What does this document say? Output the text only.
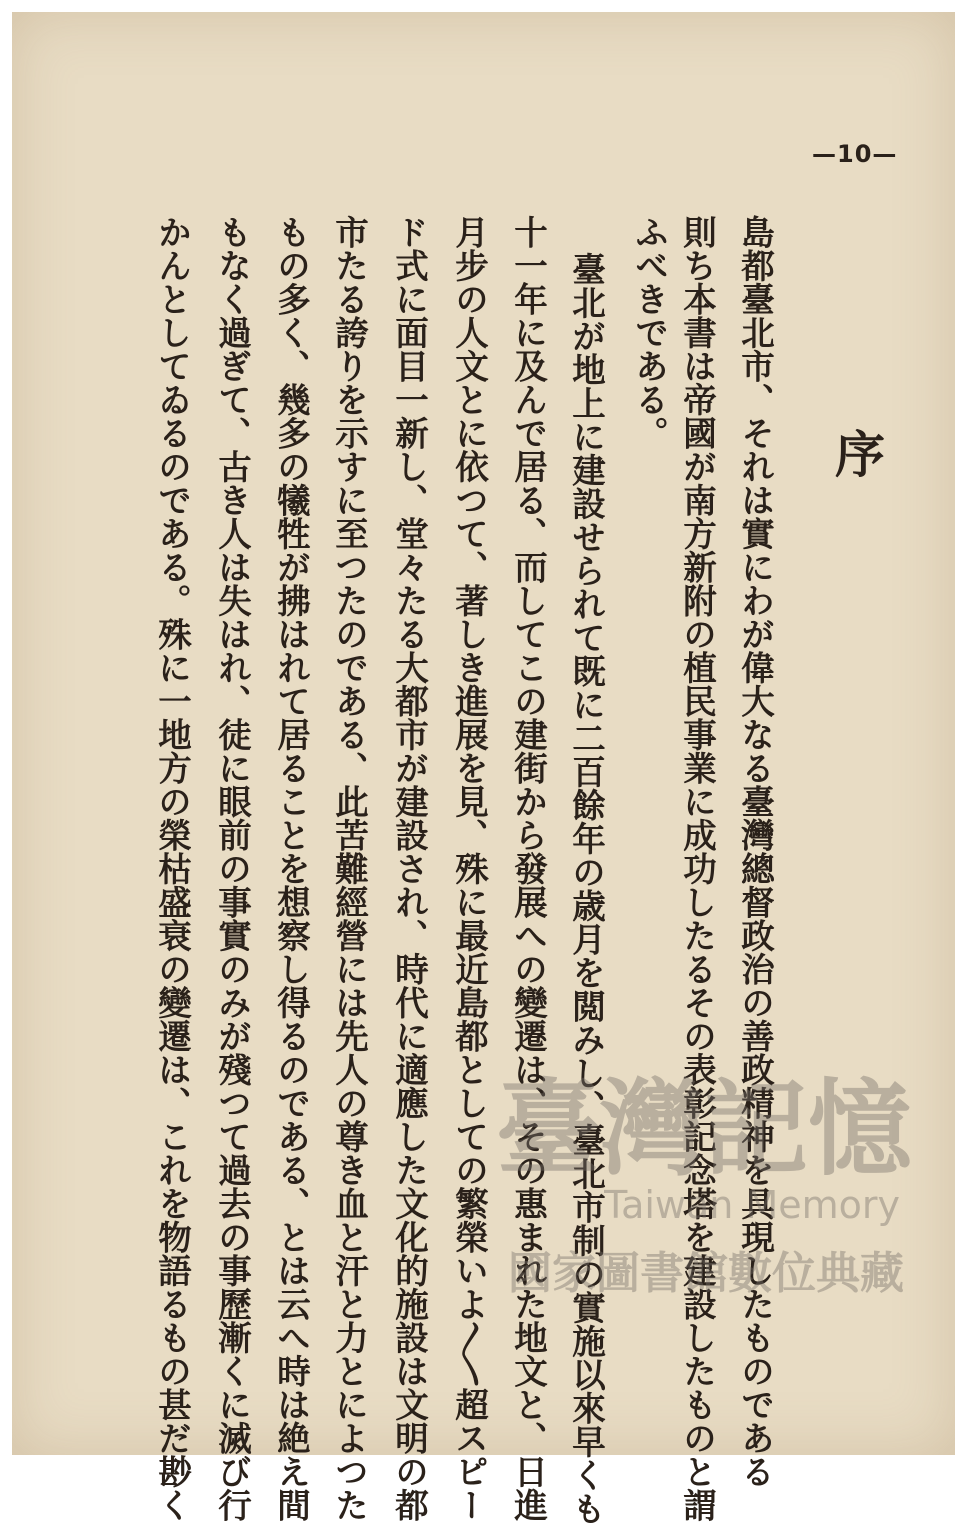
—10—
序
島都臺北市、それは實にわが偉大なる臺灣總督政治の善政精神を具現したものである
則ち本書は帝國が南方新附の植民事業に成功したるその表彰記念塔を建設したものと謂
ふべきである。
臺北が地上に建設せられて既に二百餘年の歳月を閲みし、臺北市制の實施以來早くも
十一年に及んで居る、而してこの建街から發展への變遷は、その惠まれた地文と、日進
月步の人文とに依つて、著しき進展を見、殊に最近島都としての繁榮いよ〱超スピー
ド式に面目一新し、堂々たる大都市が建設され、時代に適應した文化的施設は文明の都
市たる誇りを示すに至つたのである、此苦難經營には先人の尊き血と汗と力とによつた
もの多く、幾多の犧牲が拂はれて居ることを想察し得るのである、とは云へ時は絶え間
もなく過ぎて、古き人は失はれ、徒に眼前の事實のみが殘つて過去の事歷漸くに滅び行
かんとしてゐるのである。殊に一地方の榮枯盛衰の變遷は、これを物語るもの甚だ尠く	臺灣記憶
Taiwan Memory
國家圖書館數位典藏
